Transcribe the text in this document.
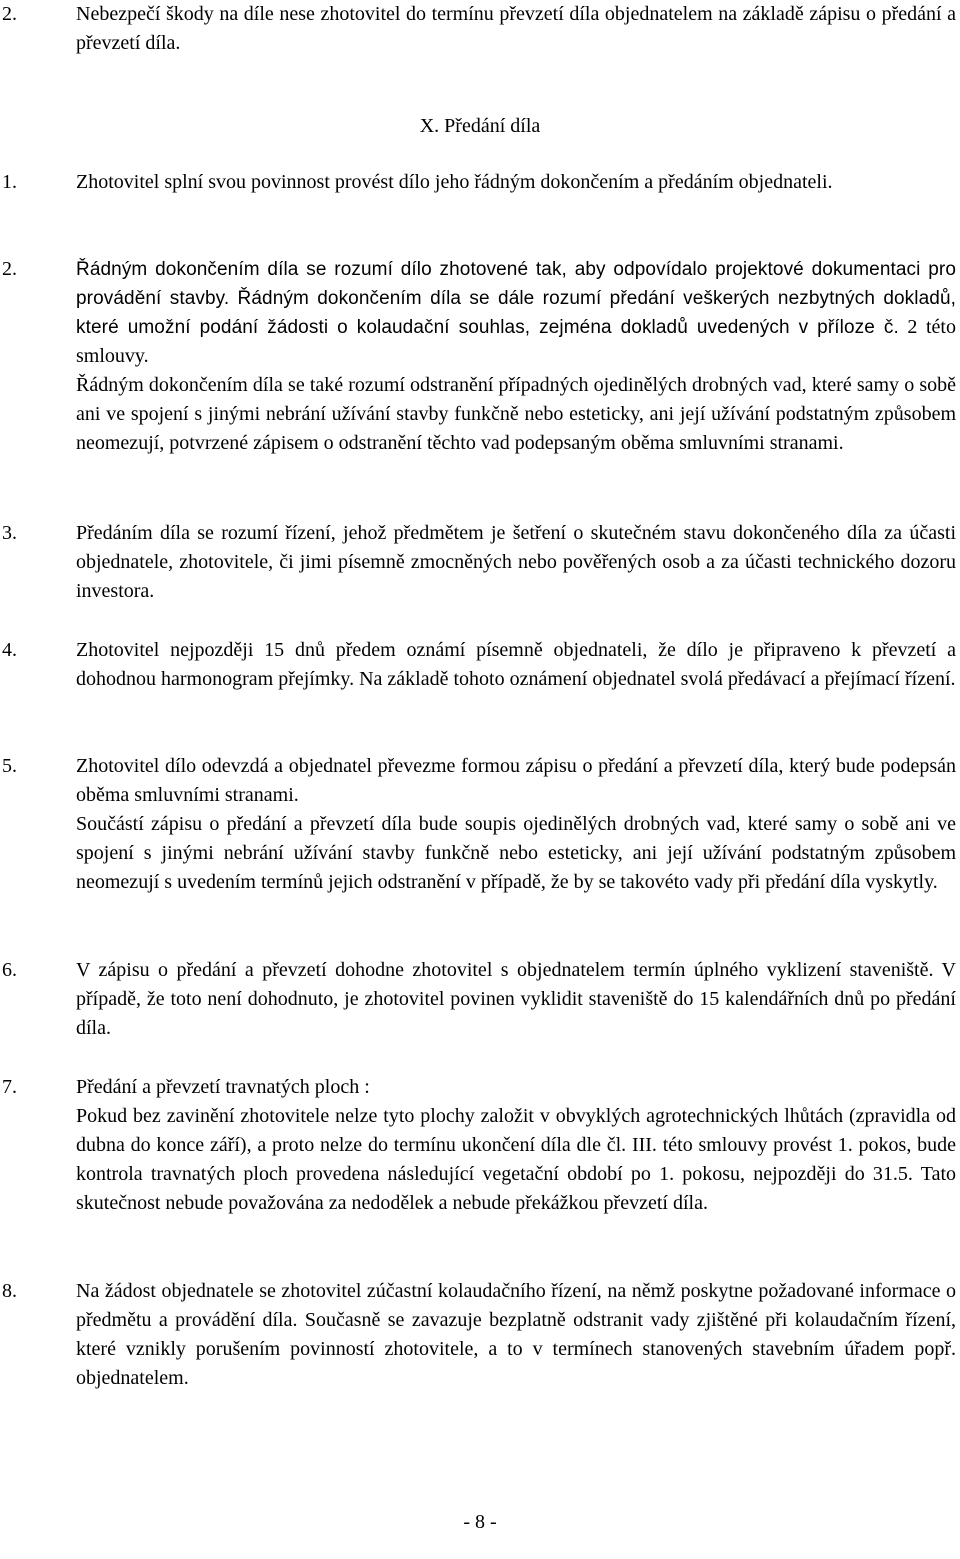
2.	Nebezpečí škody na díle nese zhotovitel do termínu převzetí díla objednatelem na základě zápisu o předání a převzetí díla.

X. Předání díla
1.	Zhotovitel splní svou povinnost provést dílo jeho řádným dokončením a předáním objednateli.

2.	Řádným dokončením díla se rozumí dílo zhotovené tak, aby odpovídalo projektové dokumentaci pro provádění stavby. Řádným dokončením díla se dále rozumí předání veškerých nezbytných dokladů, které umožní podání žádosti o kolaudační souhlas, zejména dokladů uvedených v příloze č. 2 této smlouvy.

Řádným dokončením díla se také rozumí odstranění případných ojedinělých drobných vad, které samy o sobě ani ve spojení s jinými nebrání užívání stavby funkčně nebo esteticky, ani její užívání podstatným způsobem neomezují, potvrzené zápisem o odstranění těchto vad podepsaným oběma smluvními stranami.

3.	Předáním díla se rozumí řízení, jehož předmětem je šetření o skutečném stavu dokončeného díla za účasti objednatele, zhotovitele, či jimi písemně zmocněných nebo pověřených osob a za účasti technického dozoru investora.

4.	Zhotovitel nejpozději 15 dnů předem oznámí písemně objednateli, že dílo je připraveno k převzetí a dohodnou harmonogram přejímky. Na základě tohoto oznámení objednatel svolá předávací a přejímací řízení.

5.	Zhotovitel dílo odevzdá a objednatel převezme formou zápisu o předání a převzetí díla, který bude podepsán oběma smluvními stranami.

Součástí zápisu o předání a převzetí díla bude soupis ojedinělých drobných vad, které samy o sobě ani ve spojení s jinými nebrání užívání stavby funkčně nebo esteticky, ani její užívání podstatným způsobem neomezují s uvedením termínů jejich odstranění v případě, že by se takovéto vady při předání díla vyskytly.

6.	V zápisu o předání a převzetí dohodne zhotovitel s objednatelem termín úplného vyklizení staveniště. V případě, že toto není dohodnuto, je zhotovitel povinen vyklidit staveniště do 15 kalendářních dnů po předání díla.

7.	Předání a převzetí travnatých ploch :

Pokud bez zavinění zhotovitele nelze tyto plochy založit v obvyklých agrotechnických lhůtách (zpravidla od dubna do konce září), a proto nelze do termínu ukončení díla dle čl. III. této smlouvy provést 1. pokos, bude kontrola travnatých ploch provedena následující vegetační období po 1. pokosu, nejpozději do 31.5. Tato skutečnost nebude považována za nedodělek a nebude překážkou převzetí díla.

8.	Na žádost objednatele se zhotovitel zúčastní kolaudačního řízení, na němž poskytne požadované informace o předmětu a provádění díla. Současně se zavazuje bezplatně odstranit vady zjištěné při kolaudačním řízení, které vznikly porušením povinností zhotovitele, a to v termínech stanovených stavebním úřadem popř. objednatelem.

- 8 -
